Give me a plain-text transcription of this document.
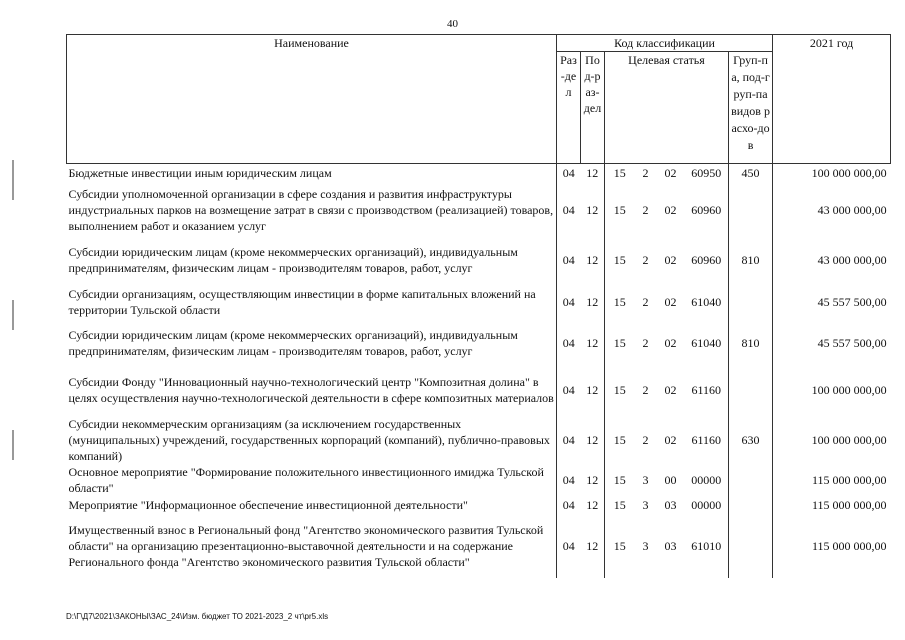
40
Наименование	Код классификации							2021 год
	Раз-дел	Под-раз-дел	Целевая статья				Груп-па, под-груп-па видов расхо-дов	
Бюджетные инвестиции иным юридическим лицам	04	12	15	2	02	60950	450	100 000 000,00
Субсидии уполномоченной организации в сфере создания и развития инфраструктуры индустриальных парков на возмещение затрат в связи с производством (реализацией) товаров, выполнением работ и оказанием услуг	04	12	15	2	02	60960		43 000 000,00
Субсидии юридическим лицам (кроме некоммерческих организаций), индивидуальным предпринимателям, физическим лицам - производителям товаров, работ, услуг	04	12	15	2	02	60960	810	43 000 000,00
Субсидии организациям, осуществляющим инвестиции в форме капитальных вложений на территории Тульской области	04	12	15	2	02	61040		45 557 500,00
Субсидии юридическим лицам (кроме некоммерческих организаций), индивидуальным предпринимателям, физическим лицам - производителям товаров, работ, услуг	04	12	15	2	02	61040	810	45 557 500,00
Субсидии Фонду "Инновационный научно-технологический центр "Композитная долина" в целях осуществления научно-технологической деятельности в сфере композитных материалов	04	12	15	2	02	61160		100 000 000,00
Субсидии некоммерческим организациям (за исключением государственных (муниципальных) учреждений, государственных корпораций (компаний), публично-правовых компаний)	04	12	15	2	02	61160	630	100 000 000,00
Основное мероприятие "Формирование положительного инвестиционного имиджа Тульской области"	04	12	15	3	00	00000		115 000 000,00
Мероприятие "Информационное обеспечение инвестиционной деятельности"	04	12	15	3	03	00000		115 000 000,00
Имущественный взнос в Региональный фонд "Агентство экономического развития Тульской области" на организацию презентационно-выставочной деятельности и на содержание Регионального фонда "Агентство экономического развития Тульской области"	04	12	15	3	03	61010		115 000 000,00
D:\Г\Д7\2021\ЗАКОНЫ\ЗАС_24\Изм. бюджет ТО 2021-2023_2 чт\pr5.xls
